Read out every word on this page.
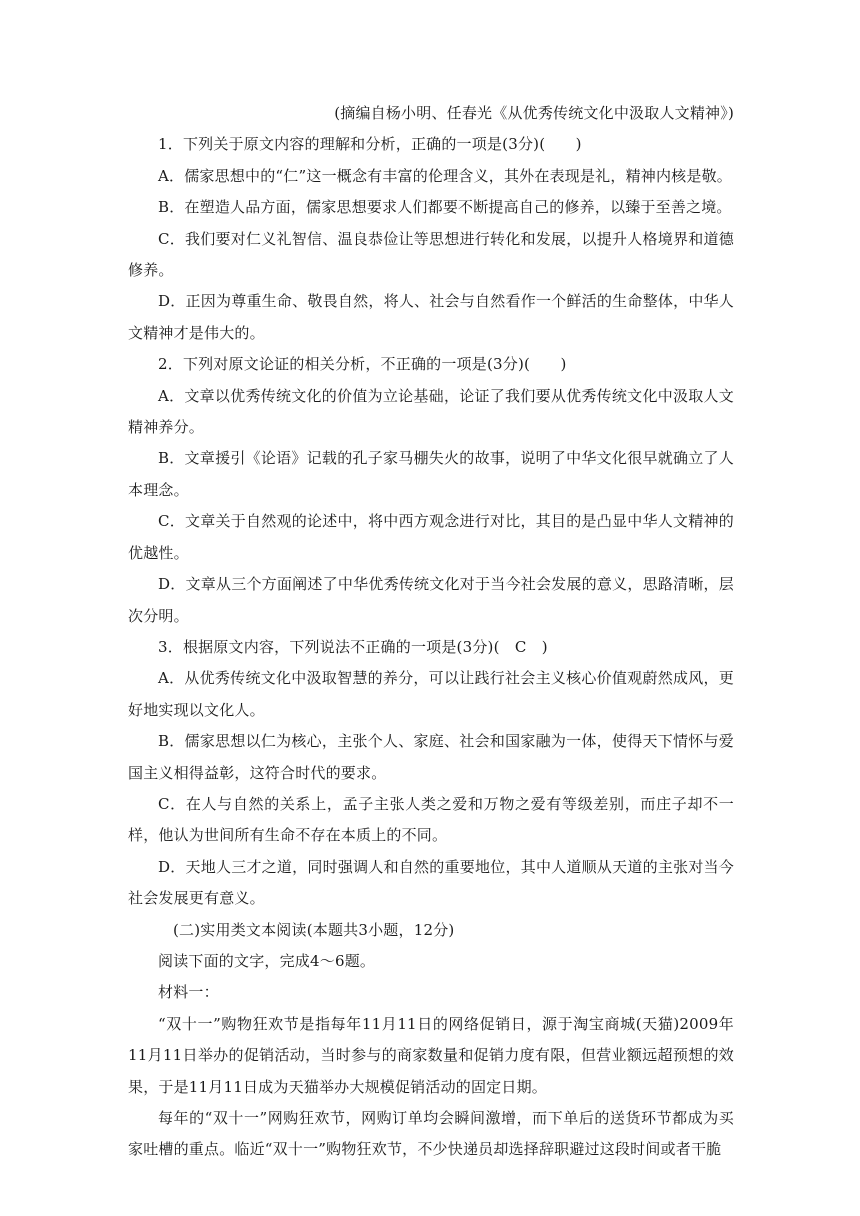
(摘编自杨小明、任春光《从优秀传统文化中汲取人文精神》)

1．下列关于原文内容的理解和分析，正确的一项是(3分)(　　)

A．儒家思想中的“仁”这一概念有丰富的伦理含义，其外在表现是礼，精神内核是敬。

B．在塑造人品方面，儒家思想要求人们都要不断提高自己的修养，以臻于至善之境。

C．我们要对仁义礼智信、温良恭俭让等思想进行转化和发展，以提升人格境界和道德修养。

D．正因为尊重生命、敬畏自然，将人、社会与自然看作一个鲜活的生命整体，中华人文精神才是伟大的。

2．下列对原文论证的相关分析，不正确的一项是(3分)(　　)

A．文章以优秀传统文化的价值为立论基础，论证了我们要从优秀传统文化中汲取人文精神养分。

B．文章援引《论语》记载的孔子家马棚失火的故事，说明了中华文化很早就确立了人本理念。

C．文章关于自然观的论述中，将中西方观念进行对比，其目的是凸显中华人文精神的优越性。

D．文章从三个方面阐述了中华优秀传统文化对于当今社会发展的意义，思路清晰，层次分明。

3．根据原文内容，下列说法不正确的一项是(3分)(　C　)

A．从优秀传统文化中汲取智慧的养分，可以让践行社会主义核心价值观蔚然成风，更好地实现以文化人。

B．儒家思想以仁为核心，主张个人、家庭、社会和国家融为一体，使得天下情怀与爱国主义相得益彰，这符合时代的要求。

C．在人与自然的关系上，孟子主张人类之爱和万物之爱有等级差别，而庄子却不一样，他认为世间所有生命不存在本质上的不同。

D．天地人三才之道，同时强调人和自然的重要地位，其中人道顺从天道的主张对当今社会发展更有意义。

(二)实用类文本阅读(本题共3小题，12分)

阅读下面的文字，完成4～6题。

材料一：

“双十一”购物狂欢节是指每年11月11日的网络促销日，源于淘宝商城(天猫)2009年11月11日举办的促销活动，当时参与的商家数量和促销力度有限，但营业额远超预想的效果，于是11月11日成为天猫举办大规模促销活动的固定日期。

每年的“双十一”网购狂欢节，网购订单均会瞬间激增，而下单后的送货环节都成为买家吐槽的重点。临近“双十一”购物狂欢节，不少快递员却选择辞职避过这段时间或者干脆
